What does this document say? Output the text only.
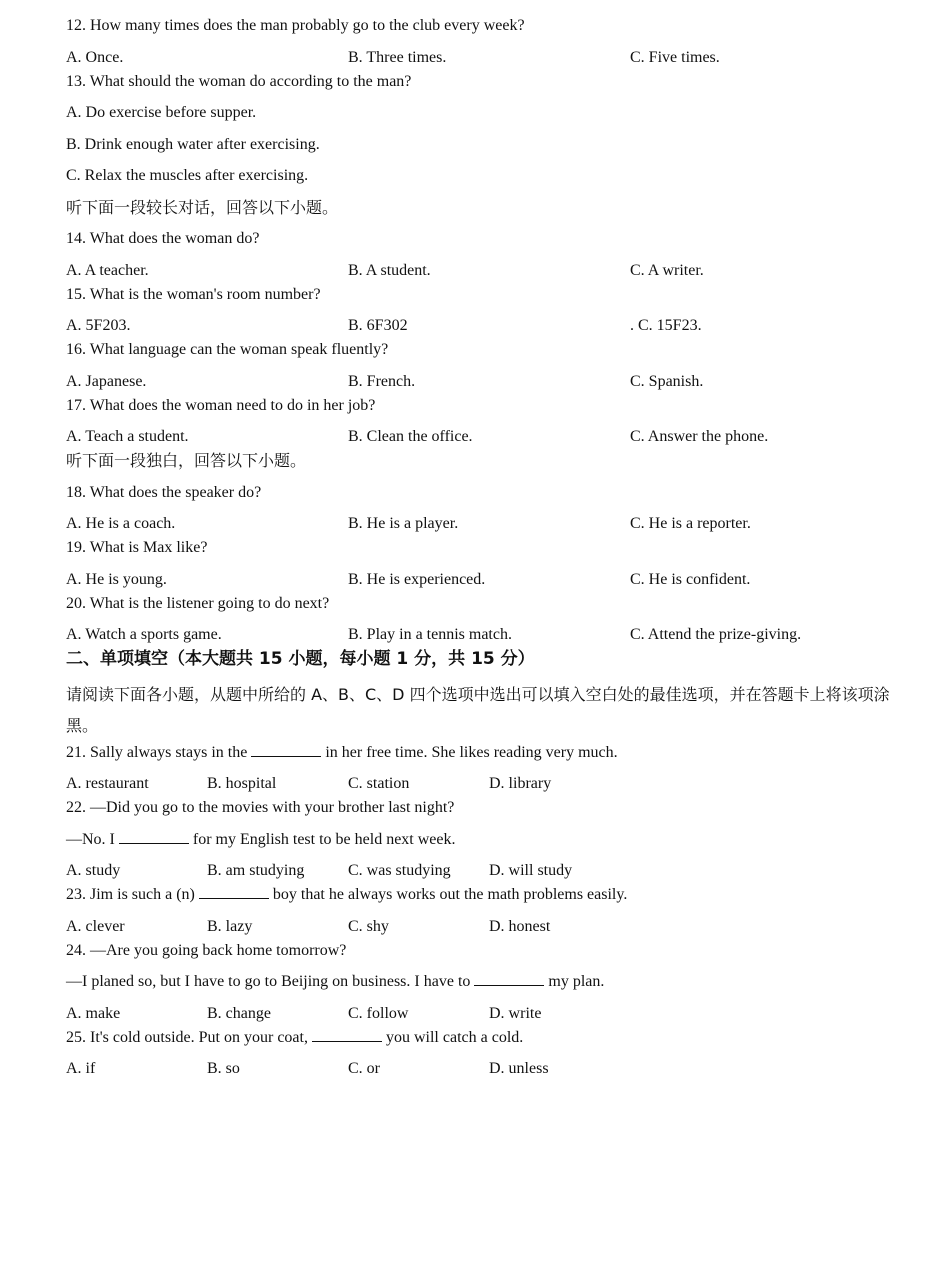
12. How many times does the man probably go to the club every week?
A. Once.	B. Three times.	C. Five times.
13. What should the woman do according to the man?
A. Do exercise before supper.
B. Drink enough water after exercising.
C. Relax the muscles after exercising.
听下面一段较长对话，回答以下小题。
14. What does the woman do?
A. A teacher.	B. A student.	C. A writer.
15. What is the woman's room number?
A. 5F203.	B. 6F302	. C. 15F23.
16. What language can the woman speak fluently?
A. Japanese.	B. French.	C. Spanish.
17. What does the woman need to do in her job?
A. Teach a student.	B. Clean the office.	C. Answer the phone.
听下面一段独白，回答以下小题。
18. What does the speaker do?
A. He is a coach.	B. He is a player.	C. He is a reporter.
19. What is Max like?
A. He is young.	B. He is experienced.	C. He is confident.
20. What is the listener going to do next?
A. Watch a sports game.	B. Play in a tennis match.	C. Attend the prize-giving.
二、单项填空（本大题共 15 小题，每小题 1 分，共 15 分）
请阅读下面各小题，从题中所给的 A、B、C、D 四个选项中选出可以填入空白处的最佳选项，并在答题卡上将该项涂黑。
21. Sally always stays in the	in her free time. She likes reading very much.
A. restaurant	B. hospital	C. station	D. library
22. —Did you go to the movies with your brother last night?
—No. I	for my English test to be held next week.
A. study	B. am studying	C. was studying D. will study
23. Jim is such a (n)	boy that he always works out the math problems easily.
A. clever	B. lazy	C. shy	D. honest
24. —Are you going back home tomorrow?
—I planed so, but I have to go to Beijing on business. I have to	my plan.
A. make	B. change	C. follow	D. write
25. It's cold outside. Put on your coat,	you will catch a cold.
A. if	B. so	C. or	D. unless
